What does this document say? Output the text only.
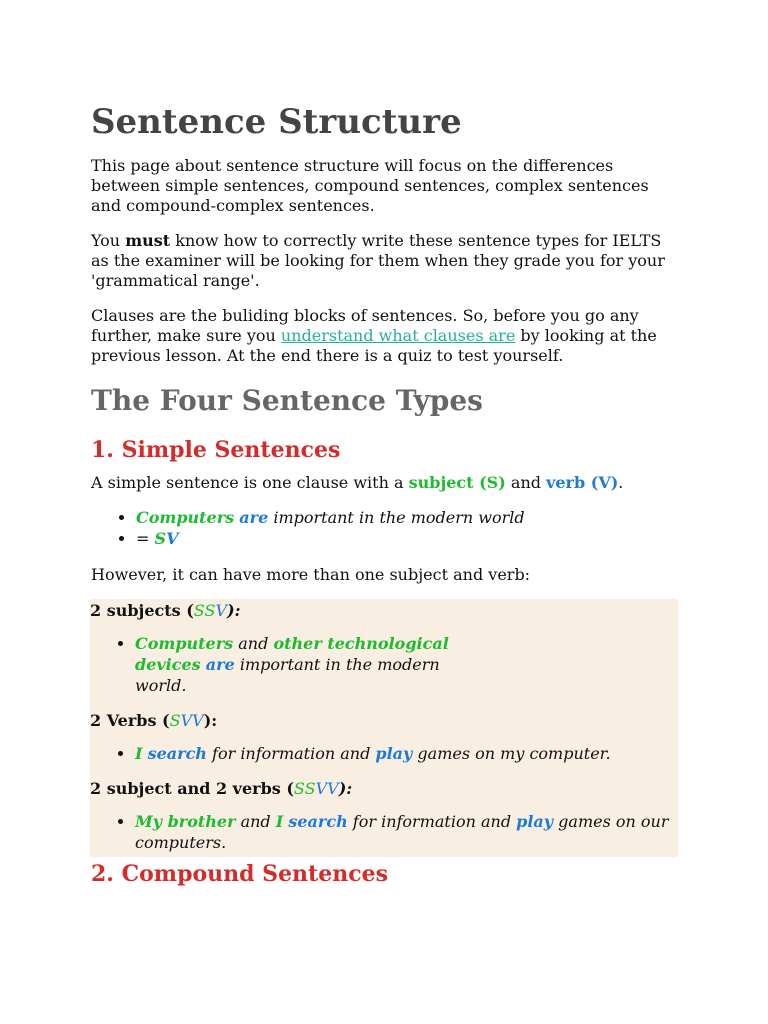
Sentence Structure

This page about sentence structure will focus on the differences between simple sentences, compound sentences, complex sentences and compound-complex sentences.

You must know how to correctly write these sentence types for IELTS as the examiner will be looking for them when they grade you for your 'grammatical range'.

Clauses are the buliding blocks of sentences. So, before you go any further, make sure you understand what clauses are by looking at the previous lesson. At the end there is a quiz to test yourself.

The Four Sentence Types
1. Simple Sentences

A simple sentence is one clause with a subject (S) and verb (V).

• Computers are important in the modern world
• = SV

However, it can have more than one subject and verb:

2 subjects (SSV):

• Computers and other technological devices are important in the modern world.

2 Verbs (SVV):

• I search for information and play games on my computer.

2 subject and 2 verbs (SSVV):

• My brother and I search for information and play games on our computers.
2. Compound Sentences
